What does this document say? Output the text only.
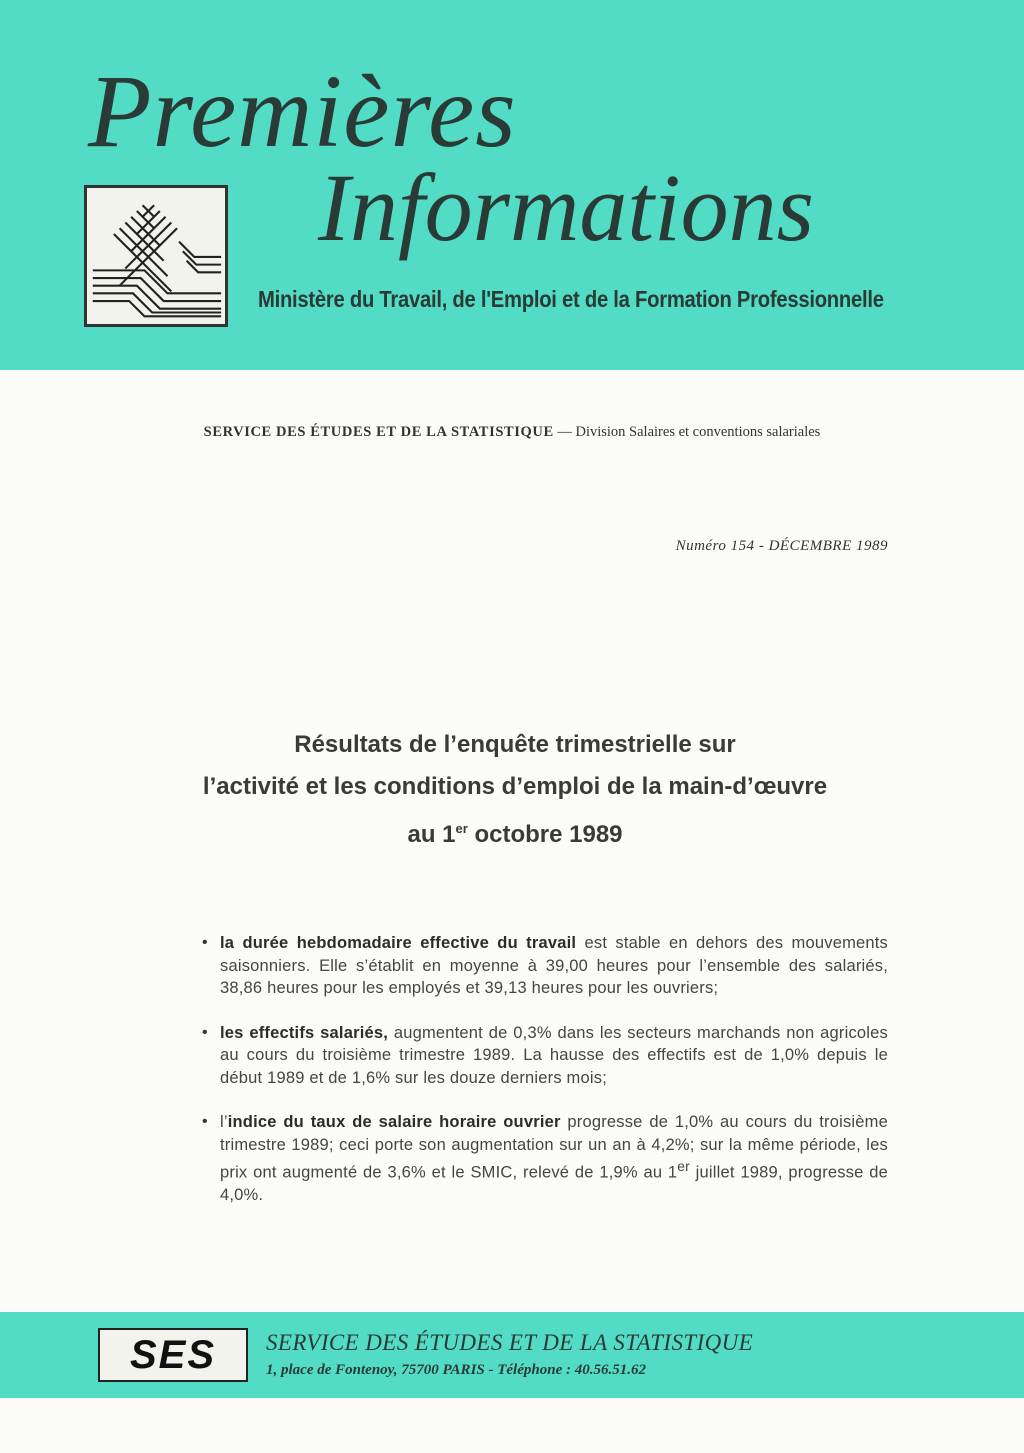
Premières
Informations
Ministère du Travail, de l'Emploi et de la Formation Professionnelle
SERVICE DES ÉTUDES ET DE LA STATISTIQUE — Division Salaires et conventions salariales
Numéro 154 - DÉCEMBRE 1989
Résultats de l’enquête trimestrielle sur
l’activité et les conditions d’emploi de la main-d’œuvre
au 1er octobre 1989
• la durée hebdomadaire effective du travail est stable en dehors des mouvements saisonniers. Elle s’établit en moyenne à 39,00 heures pour l’ensemble des salariés, 38,86 heures pour les employés et 39,13 heures pour les ouvriers;
• les effectifs salariés, augmentent de 0,3% dans les secteurs marchands non agricoles au cours du troisième trimestre 1989. La hausse des effectifs est de 1,0% depuis le début 1989 et de 1,6% sur les douze derniers mois;
• l’indice du taux de salaire horaire ouvrier progresse de 1,0% au cours du troisième trimestre 1989; ceci porte son augmentation sur un an à 4,2%; sur la même période, les prix ont augmenté de 3,6% et le SMIC, relevé de 1,9% au 1er juillet 1989, progresse de 4,0%.
SES SERVICE DES ÉTUDES ET DE LA STATISTIQUE
1, place de Fontenoy, 75700 PARIS - Téléphone : 40.56.51.62
